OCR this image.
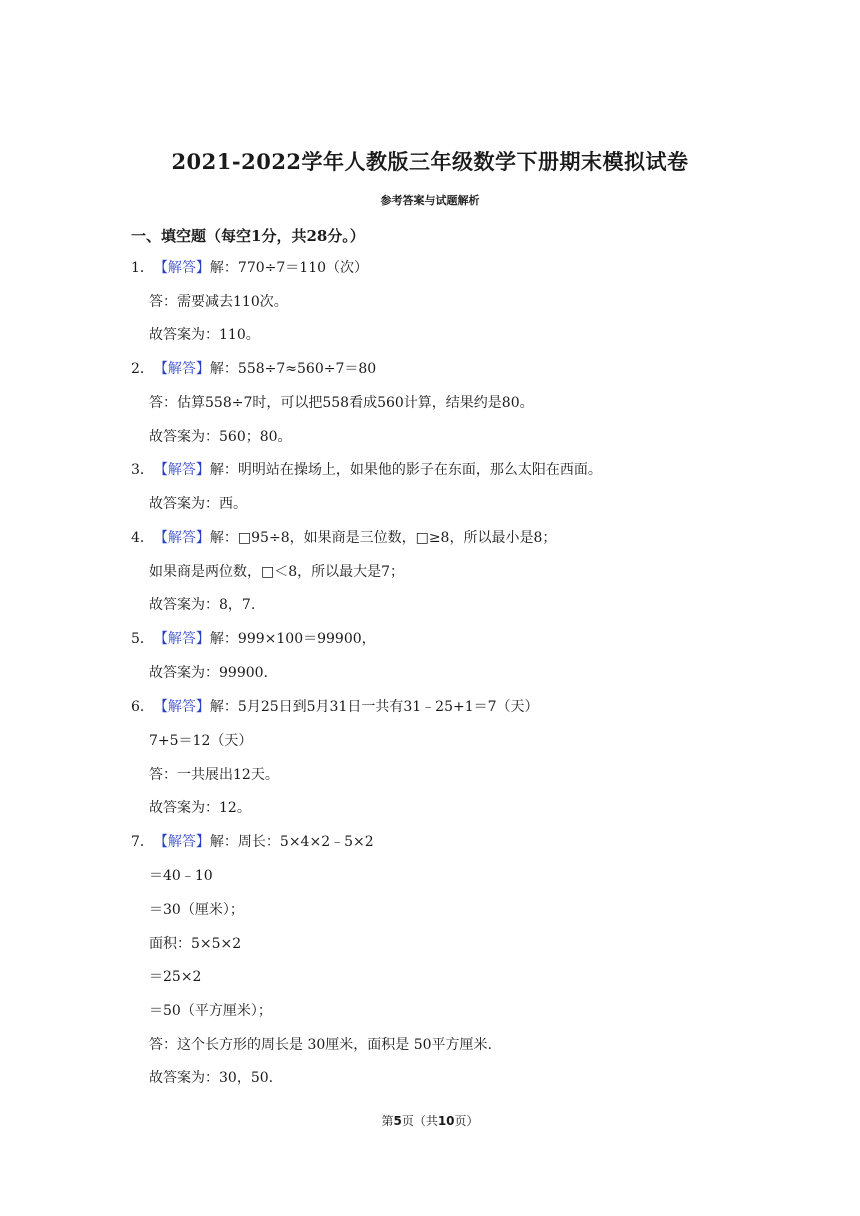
2021-2022学年人教版三年级数学下册期末模拟试卷
参考答案与试题解析
一、填空题（每空1分，共28分。）
1．【解答】解：770÷7＝110（次）
答：需要减去110次。
故答案为：110。
2．【解答】解：558÷7≈560÷7＝80
答：估算558÷7时，可以把558看成560计算，结果约是80。
故答案为：560；80。
3．【解答】解：明明站在操场上，如果他的影子在东面，那么太阳在西面。
故答案为：西。
4．【解答】解：□95÷8，如果商是三位数，□≥8，所以最小是8；
如果商是两位数，□＜8，所以最大是7；
故答案为：8，7.
5．【解答】解：999×100＝99900，
故答案为：99900.
6．【解答】解：5月25日到5月31日一共有31﹣25+1＝7（天）
7+5＝12（天）
答：一共展出12天。
故答案为：12。
7．【解答】解：周长：5×4×2﹣5×2
＝40﹣10
＝30（厘米）；
面积：5×5×2
＝25×2
＝50（平方厘米）；
答：这个长方形的周长是 30厘米，面积是 50平方厘米.
故答案为：30，50.
第5页（共10页）
